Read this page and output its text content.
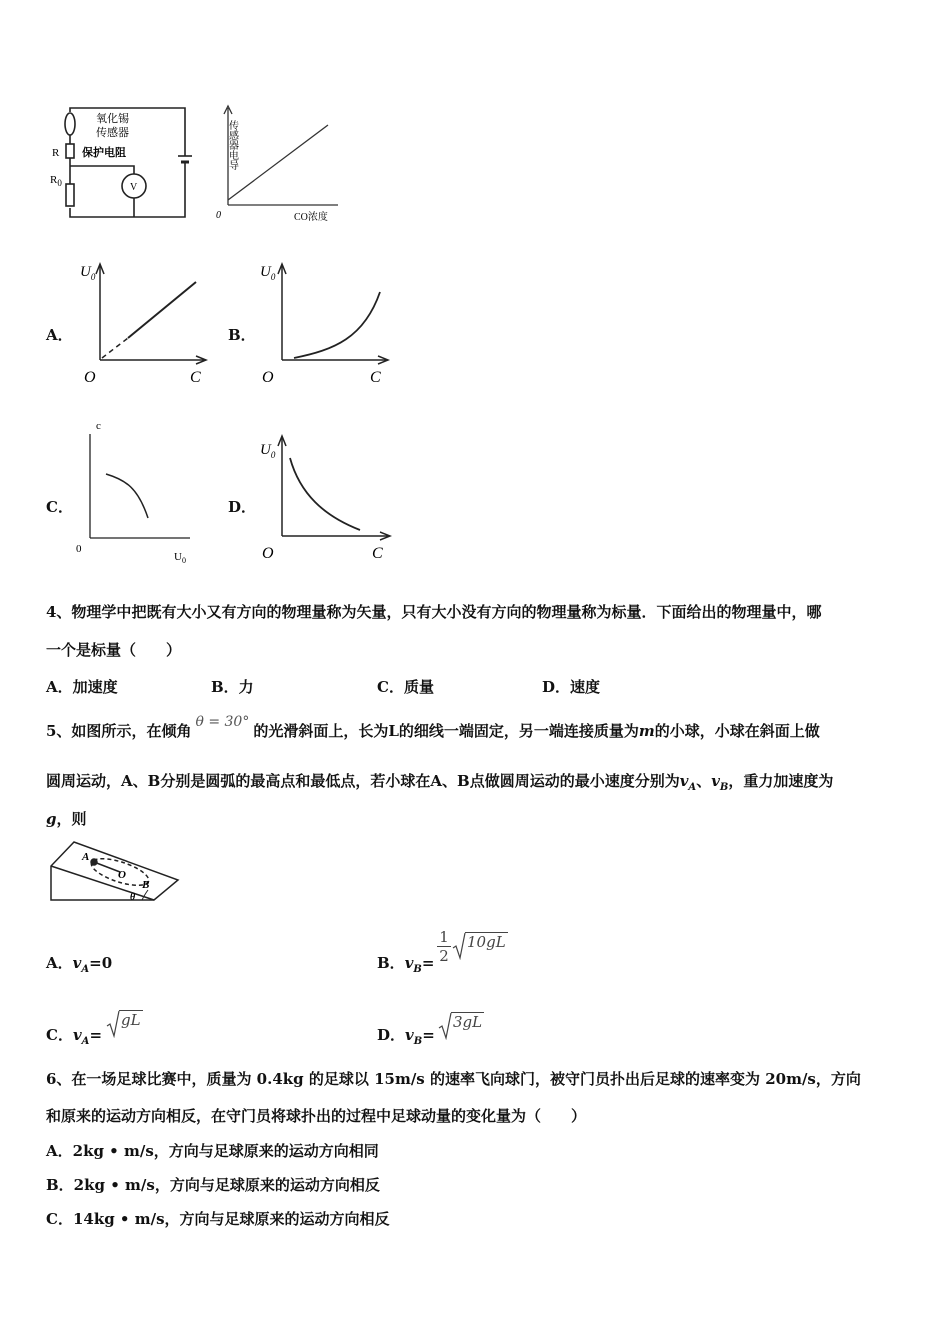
氧化锡
传感器
R 保护电阻
$R_0$	V
传感器电导
0	CO浓度
A．
$U_0$
O	C
B．
$U_0$
O	C
C．
c
0
$U_0$
D．
$U_0$
O	C
4、物理学中把既有大小又有方向的物理量称为矢量，只有大小没有方向的物理量称为标量．下面给出的物理量中，哪
一个是标量（　　）
A．加速度	B．力	C．质量	D．速度
5、如图所示，在倾角 θ = 30° 的光滑斜面上，长为L的细线一端固定，另一端连接质量为m的小球，小球在斜面上做
圆周运动，A、B分别是圆弧的最高点和最低点，若小球在A、B点做圆周运动的最小速度分别为$v_A$、$v_B$，重力加速度为
g，则
A
O
B
θ
A．$v_A=0$	B．$v_B= \frac{1}{2} 10gL$
C．$v_A=$
gL
D．$v_B=$
3gL
6、在一场足球比赛中，质量为 0.4kg 的足球以 15m/s 的速率飞向球门，被守门员扑出后足球的速率变为 20m/s，方向
和原来的运动方向相反，在守门员将球扑出的过程中足球动量的变化量为（　　）
A．2kg • m/s，方向与足球原来的运动方向相同
B．2kg • m/s，方向与足球原来的运动方向相反
C．14kg • m/s，方向与足球原来的运动方向相反
